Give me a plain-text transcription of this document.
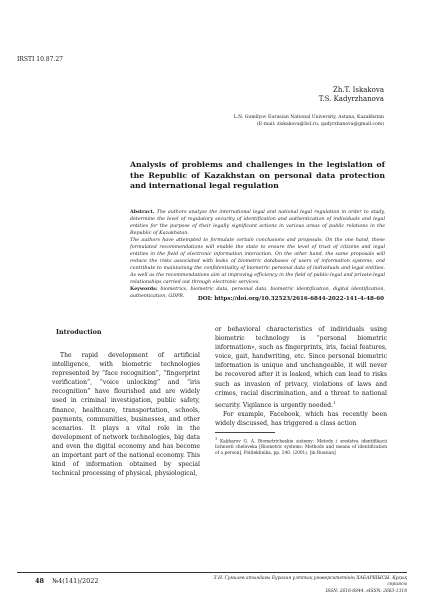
IRSTI 10.87.27
Zh.T. Iskakova
T.S. Kadyrzhanova
L.N. Gumilyov Eurasian National University, Astana, Kazakhstan
(E-mail: ziskakova@list.ru, qadyrzhanova@gmail.com)
Analysis of problems and challenges in the legislation of the Republic of Kazakhstan on personal data protection and international legal regulation

Abstract. The authors analyze the international legal and national legal regulation in order to study, determine the level of regulatory security of identification and authentication of individuals and legal entities for the purpose of their legally significant actions in various areas of public relations in the Republic of Kazakhstan.

The authors have attempted to formulate certain conclusions and proposals. On the one hand, these formulated recommendations will enable the state to ensure the level of trust of citizens and legal entities in the field of electronic information interaction. On the other hand, the same proposals will reduce the risks associated with leaks of biometric databases of users of information systems, and contribute to maintaining the confidentiality of biometric personal data of individuals and legal entities. As well as the recommendations aim at improving efficiency in the field of public-legal and private-legal relationships carried out through electronic services.

Keywords: biometrics, biometric data, personal data, biometric identification, digital identification, authentication, GDPR.	DOI: https://doi.org/10.32523/2616-6844-2022-141-4-48-60
Introduction

The rapid development of artificial intelligence, with biometric technologies represented by “face recognition”, “fingerprint verification”, “voice unlocking” and “iris recognition” have flourished and are widely used in criminal investigation, public safety, finance, healthcare, transportation, schools, payments, communities, businesses, and other scenarios. It plays a vital role in the development of network technologies, big data and even the digital economy and has become an important part of the national economy. This kind of information obtained by special technical processing of physical, physiological,

or behavioral characteristics of individuals using biometric technology is “personal biometric information», such as fingerprints, iris, facial features, voice, gait, handwriting, etc. Since personal biometric information is unique and unchangeable, it will never be recovered after it is leaked, which can lead to risks such as invasion of privacy, violations of laws and crimes, racial discrimination, and a threat to national security. Vigilance is urgently needed.$^1$

For example, Facebook, which has recently been widely discussed, has triggered a class action

$^1$ Kakharov G. A. Biometricheskie sistemy: Metody i sredstva identifikacii lichnosti cheloveka [Biometric systems: Methods and means of identification of a person], Politekhnika, pp. 240. (2001). [in Russian]

48 №4(141)/2022	Л.Н. Гумилев атындағы Еуразия ұлттық университетінің ХАБАРШЫСЫ. Құқық сериясы
ISSN: 2616-6844. eISSN: 2663-1318
